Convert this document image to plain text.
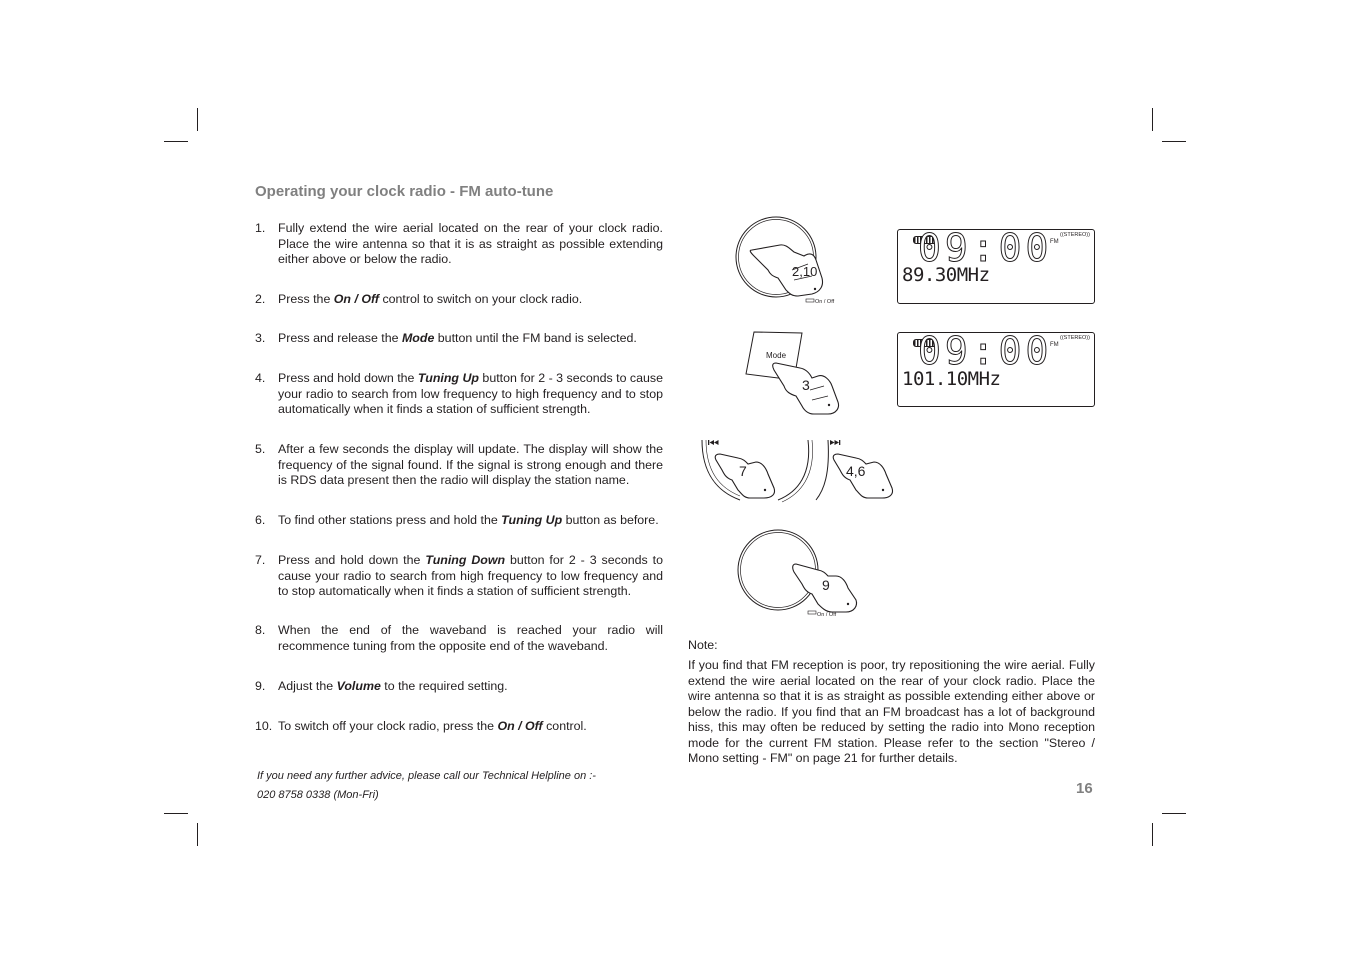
Operating your clock radio - FM auto-tune
1. Fully extend the wire aerial located on the rear of your clock radio. Place the wire antenna so that it is as straight as possible extending either above or below the radio.
2. Press the On / Off control to switch on your clock radio.
3. Press and release the Mode button until the FM band is selected.
4. Press and hold down the Tuning Up button for 2 - 3 seconds to cause your radio to search from low frequency to high frequency and to stop automatically when it finds a station of sufficient strength.
5. After a few seconds the display will update. The display will show the frequency of the signal found. If the signal is strong enough and there is RDS data present then the radio will display the station name.
6. To find other stations press and hold the Tuning Up button as before.
7. Press and hold down the Tuning Down button for 2 - 3 seconds to cause your radio to search from high frequency to low frequency and to stop automatically when it finds a station of sufficient strength.
8. When the end of the waveband is reached your radio will recommence tuning from the opposite end of the waveband.
9. Adjust the Volume to the required setting.
10. To switch off your clock radio, press the On / Off control.
If you need any further advice, please call our Technical Helpline on :-
020 8758 0338 (Mon-Fri)	16
Note:

If you find that FM reception is poor, try repositioning the wire aerial. Fully extend the wire aerial located on the rear of your clock radio. Place the wire antenna so that it is as straight as possible extending either above or below the radio. If you find that an FM broadcast has a lot of background hiss, this may often be reduced by setting the radio into Mono reception mode for the current FM station. Please refer to the section "Stereo / Mono setting - FM" on page 21 for further details.

2,10
On / Off
Mode
3
09:00
FM
((STEREO))
89.30MHz
09:00
FM
((STEREO))
101.10MHz
7	4,6
9
On / Off
